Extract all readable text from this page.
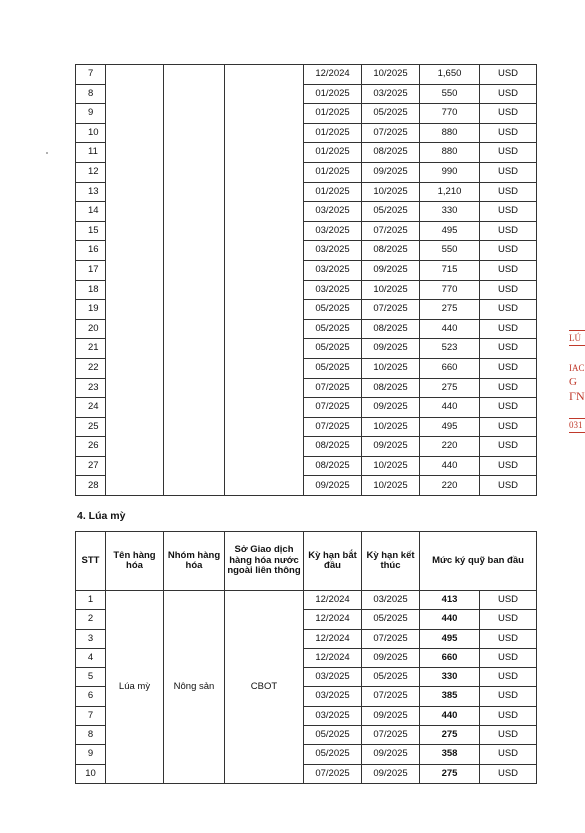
7				12/2024	10/2025	1,650	USD
8				01/2025	03/2025	550	USD
9				01/2025	05/2025	770	USD
10				01/2025	07/2025	880	USD
11				01/2025	08/2025	880	USD
12				01/2025	09/2025	990	USD
13				01/2025	10/2025	1,210	USD
14				03/2025	05/2025	330	USD
15				03/2025	07/2025	495	USD
16				03/2025	08/2025	550	USD
17				03/2025	09/2025	715	USD
18				03/2025	10/2025	770	USD
19				05/2025	07/2025	275	USD
20				05/2025	08/2025	440	USD
21				05/2025	09/2025	523	USD
22				05/2025	10/2025	660	USD
23				07/2025	08/2025	275	USD
24				07/2025	09/2025	440	USD
25				07/2025	10/2025	495	USD
26				08/2025	09/2025	220	USD
27				08/2025	10/2025	440	USD
28				09/2025	10/2025	220	USD
4. Lúa mỳ
STT	Tên hàng hóa	Nhóm hàng hóa	Sở Giao dịch hàng hóa nước ngoài liên thông	Kỳ hạn bắt đầu	Kỳ hạn kết thúc	Mức ký quỹ ban đầu	
1	Lúa mỳ	Nông sản	CBOT	12/2024	03/2025	413	USD
2				12/2024	05/2025	440	USD
3				12/2024	07/2025	495	USD
4				12/2024	09/2025	660	USD
5				03/2025	05/2025	330	USD
6				03/2025	07/2025	385	USD
7				03/2025	09/2025	440	USD
8				05/2025	07/2025	275	USD
9				05/2025	09/2025	358	USD
10				07/2025	09/2025	275	USD
LÚ
IAC
G
ΓN
031
